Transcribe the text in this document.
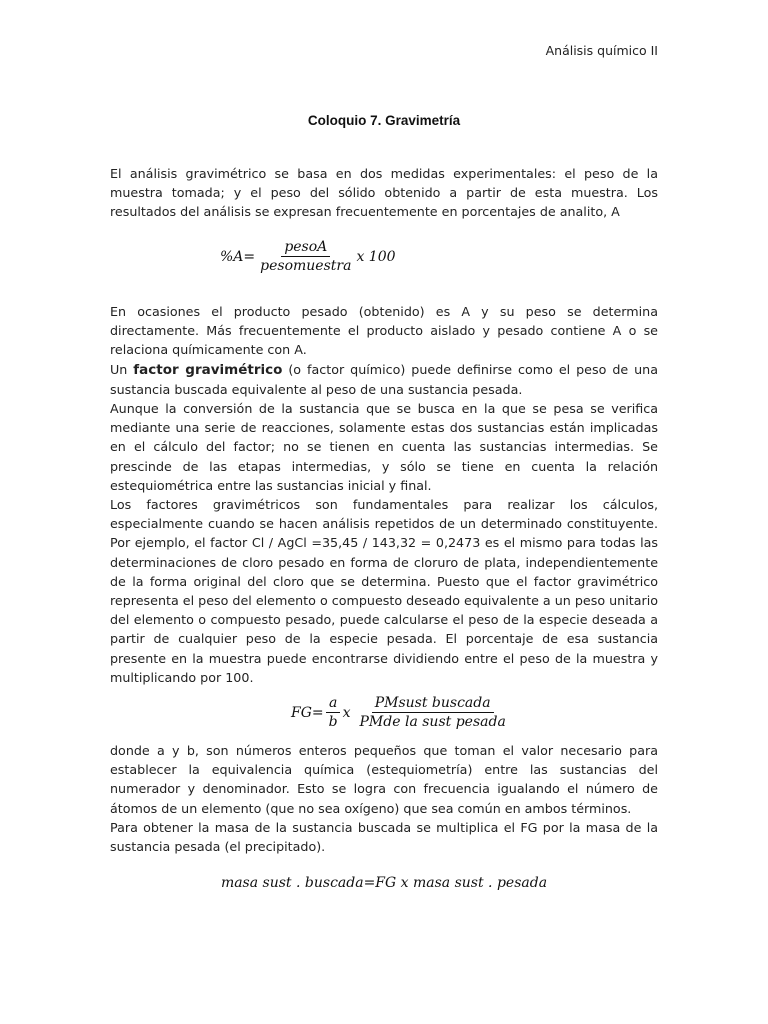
Análisis químico II
Coloquio 7. Gravimetría

El análisis gravimétrico se basa en dos medidas experimentales: el peso de la muestra tomada; y el peso del sólido obtenido a partir de esta muestra. Los resultados del análisis se expresan frecuentemente en porcentajes de analito, A

$\%A= \frac{\text{pesoA}}{\text{pesomuestra}}$ x 100

En ocasiones el producto pesado (obtenido) es A y su peso se determina directamente. Más frecuentemente el producto aislado y pesado contiene A o se relaciona químicamente con A.

Un factor gravimétrico (o factor químico) puede definirse como el peso de una sustancia buscada equivalente al peso de una sustancia pesada.

Aunque la conversión de la sustancia que se busca en la que se pesa se verifica mediante una serie de reacciones, solamente estas dos sustancias están implicadas en el cálculo del factor; no se tienen en cuenta las sustancias intermedias. Se prescinde de las etapas intermedias, y sólo se tiene en cuenta la relación estequiométrica entre las sustancias inicial y final.

Los factores gravimétricos son fundamentales para realizar los cálculos, especialmente cuando se hacen análisis repetidos de un determinado constituyente. Por ejemplo, el factor Cl / AgCl =35,45 / 143,32 = 0,2473 es el mismo para todas las determinaciones de cloro pesado en forma de cloruro de plata, independientemente de la forma original del cloro que se determina. Puesto que el factor gravimétrico representa el peso del elemento o compuesto deseado equivalente a un peso unitario del elemento o compuesto pesado, puede calcularse el peso de la especie deseada a partir de cualquier peso de la especie pesada. El porcentaje de esa sustancia presente en la muestra puede encontrarse dividiendo entre el peso de la muestra y multiplicando por 100.

$FG= \frac{a}{b}$ x $\frac{\text{PMsust buscada}}{\text{PMde la sust pesada}}$

donde a y b, son números enteros pequeños que toman el valor necesario para establecer la equivalencia química (estequiometría) entre las sustancias del numerador y denominador. Esto se logra con frecuencia igualando el número de átomos de un elemento (que no sea oxígeno) que sea común en ambos términos.

Para obtener la masa de la sustancia buscada se multiplica el FG por la masa de la sustancia pesada (el precipitado).

masa sust . buscada=FG x masa sust . pesada
